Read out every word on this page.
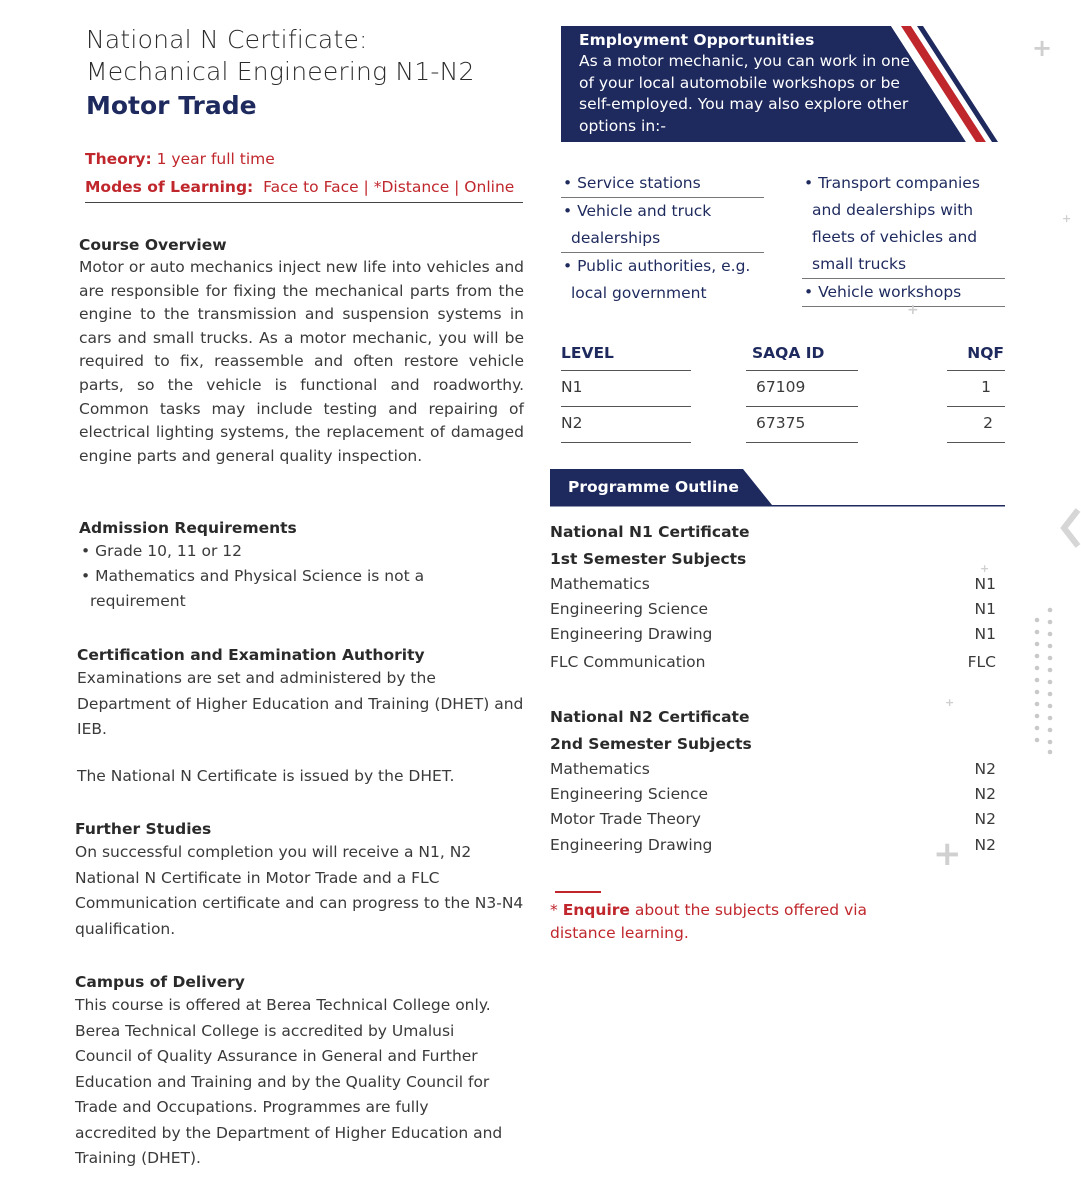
National N Certificate:
Mechanical Engineering N1-N2
Motor Trade
Theory: 1 year full time
Modes of Learning:  Face to Face | *Distance | Online
Course Overview
Motor or auto mechanics inject new life into vehicles and are responsible for fixing the mechanical parts from the engine to the transmission and suspension systems in cars and small trucks. As a motor mechanic, you will be required to fix, reassemble and often restore vehicle parts, so the vehicle is functional and roadworthy. Common tasks may include testing and repairing of electrical lighting systems, the replacement of damaged engine parts and general quality inspection.
Admission Requirements
• Grade 10, 11 or 12
• Mathematics and Physical Science is not a requirement
Certification and Examination Authority
Examinations are set and administered by the Department of Higher Education and Training (DHET) and IEB.
The National N Certificate is issued by the DHET.
Further Studies
On successful completion you will receive a N1, N2 National N Certificate in Motor Trade and a FLC Communication certificate and can progress to the N3-N4 qualification.
Campus of Delivery
This course is offered at Berea Technical College only. Berea Technical College is accredited by Umalusi Council of Quality Assurance in General and Further Education and Training and by the Quality Council for Trade and Occupations. Programmes are fully accredited by the Department of Higher Education and Training (DHET).
Employment Opportunities
As a motor mechanic, you can work in one of your local automobile workshops or be self-employed. You may also explore other options in:-
• Service stations
• Vehicle and truck dealerships
• Public authorities, e.g. local government
• Transport companies and dealerships with fleets of vehicles and small trucks
• Vehicle workshops
LEVEL	SAQA ID	NQF
N1	67109	1
N2	67375	2
Programme Outline
National N1 Certificate
1st Semester Subjects
Mathematics	N1
Engineering Science	N1
Engineering Drawing	N1
FLC Communication	FLC
National N2 Certificate
2nd Semester Subjects
Mathematics	N2
Engineering Science	N2
Motor Trade Theory	N2
Engineering Drawing	N2
* Enquire about the subjects offered via distance learning.
+
+
+
+
+
+
